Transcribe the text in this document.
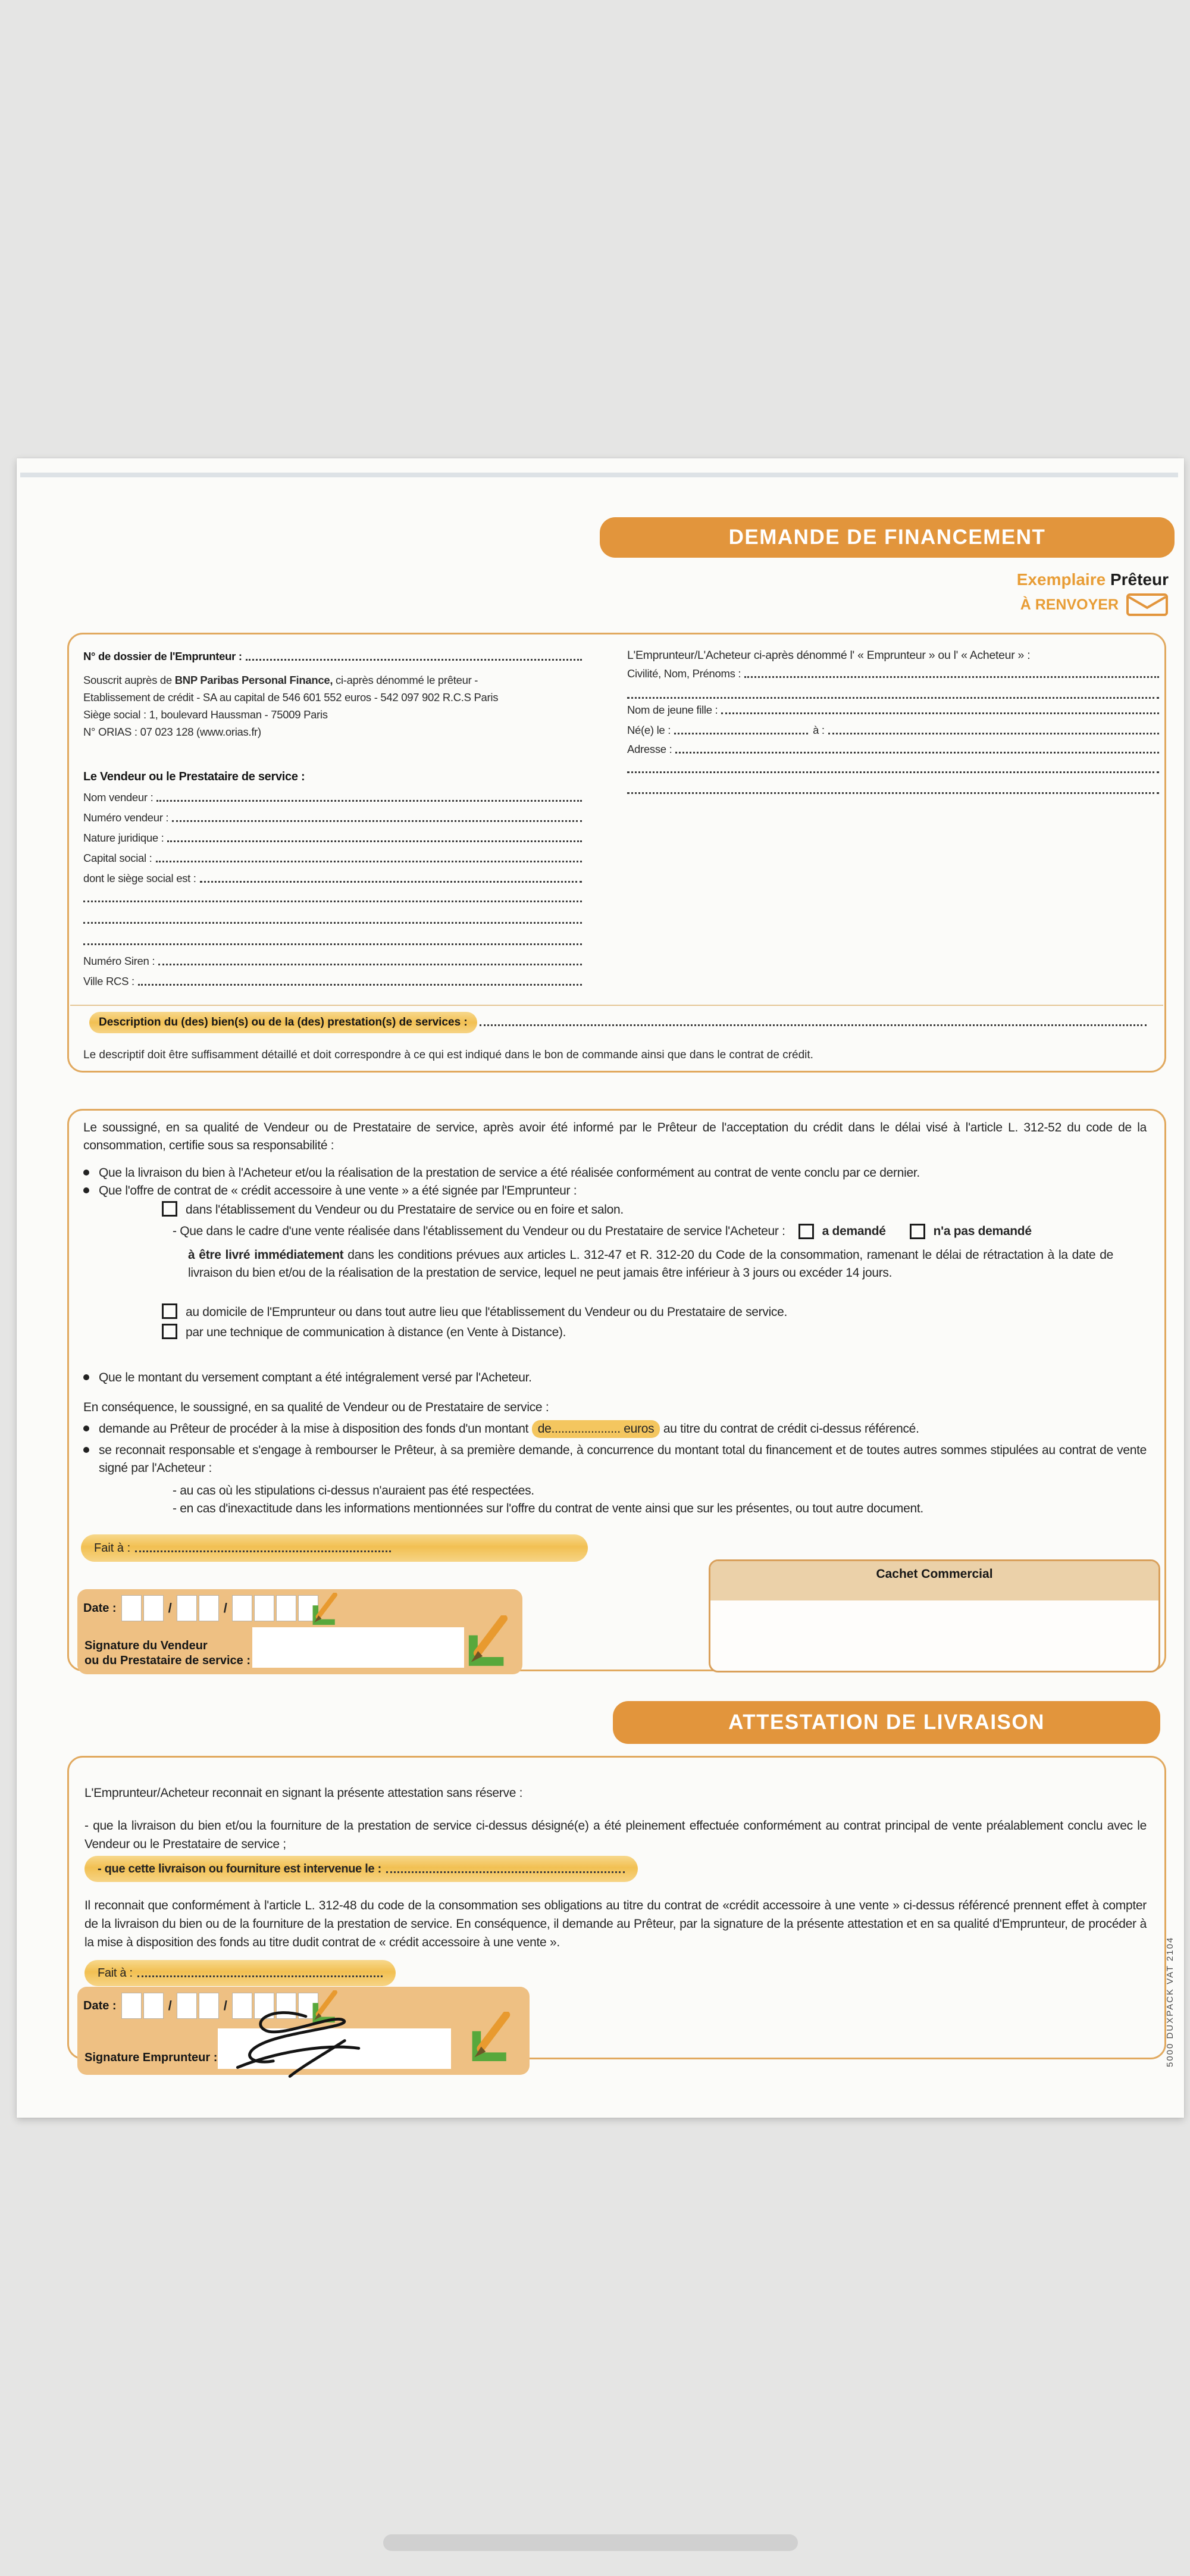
DEMANDE DE FINANCEMENT
Exemplaire Prêteur
À RENVOYER
N° de dossier de l'Emprunteur :
Souscrit auprès de BNP Paribas Personal Finance, ci-après dénommé le prêteur -
Etablissement de crédit - SA au capital de 546 601 552 euros - 542 097 902 R.C.S Paris
Siège social : 1, boulevard Haussman - 75009 Paris
N° ORIAS : 07 023 128 (www.orias.fr)
Le Vendeur ou le Prestataire de service :
Nom vendeur :
Numéro vendeur :
Nature juridique :
Capital social :
dont le siège social est :
Numéro Siren :
Ville RCS :
L'Emprunteur/L'Acheteur ci-après dénommé l' « Emprunteur » ou l' « Acheteur » :
Civilité, Nom, Prénoms :
Nom de jeune fille :
Né(e) le :	à :
Adresse :
Description du (des) bien(s) ou de la (des) prestation(s) de services :
Le descriptif doit être suffisamment détaillé et doit correspondre à ce qui est indiqué dans le bon de commande ainsi que dans le contrat de crédit.

Le soussigné, en sa qualité de Vendeur ou de Prestataire de service, après avoir été informé par le Prêteur de l'acceptation du crédit dans le délai visé à l'article L. 312-52 du code de la consommation, certifie sous sa responsabilité :

Que la livraison du bien à l'Acheteur et/ou la réalisation de la prestation de service a été réalisée conformément au contrat de vente conclu par ce dernier.
Que l'offre de contrat de « crédit accessoire à une vente » a été signée par l'Emprunteur :
dans l'établissement du Vendeur ou du Prestataire de service ou en foire et salon.
- Que dans le cadre d'une vente réalisée dans l'établissement du Vendeur ou du Prestataire de service l'Acheteur :	a demandé	n'a pas demandé
à être livré immédiatement dans les conditions prévues aux articles L. 312-47 et R. 312-20 du Code de la consommation, ramenant le délai de rétractation à la date de livraison du bien et/ou de la réalisation de la prestation de service, lequel ne peut jamais être inférieur à 3 jours ou excéder 14 jours.
au domicile de l'Emprunteur ou dans tout autre lieu que l'établissement du Vendeur ou du Prestataire de service.
par une technique de communication à distance (en Vente à Distance).
Que le montant du versement comptant a été intégralement versé par l'Acheteur.

En conséquence, le soussigné, en sa qualité de Vendeur ou de Prestataire de service :

demande au Prêteur de procéder à la mise à disposition des fonds d'un montant de..................... euros au titre du contrat de crédit ci-dessus référencé.
se reconnait responsable et s'engage à rembourser le Prêteur, à sa première demande, à concurrence du montant total du financement et de toutes autres sommes stipulées au contrat de vente signé par l'Acheteur :
- au cas où les stipulations ci-dessus n'auraient pas été respectées.
- en cas d'inexactitude dans les informations mentionnées sur l'offre du contrat de vente ainsi que sur les présentes, ou tout autre document.
Fait à :
Cachet Commercial
Date :	/	/
Signature du Vendeur
ou du Prestataire de service :
ATTESTATION DE LIVRAISON

L'Emprunteur/Acheteur reconnait en signant la présente attestation sans réserve :

- que la livraison du bien et/ou la fourniture de la prestation de service ci-dessus désigné(e) a été pleinement effectuée conformément au contrat principal de vente préalablement conclu avec le Vendeur ou le Prestataire de service ;

- que cette livraison ou fourniture est intervenue le :

Il reconnait que conformément à l'article L. 312-48 du code de la consommation ses obligations au titre du contrat de «crédit accessoire à une vente » ci-dessus référencé prennent effet à compter de la livraison du bien ou de la fourniture de la prestation de service. En conséquence, il demande au Prêteur, par la signature de la présente attestation et en sa qualité d'Emprunteur, de procéder à la mise à disposition des fonds au titre dudit contrat de « crédit accessoire à une vente ».

Fait à :
Date :	/	/
Signature Emprunteur :	5000 DUXPACK VAT 2104
